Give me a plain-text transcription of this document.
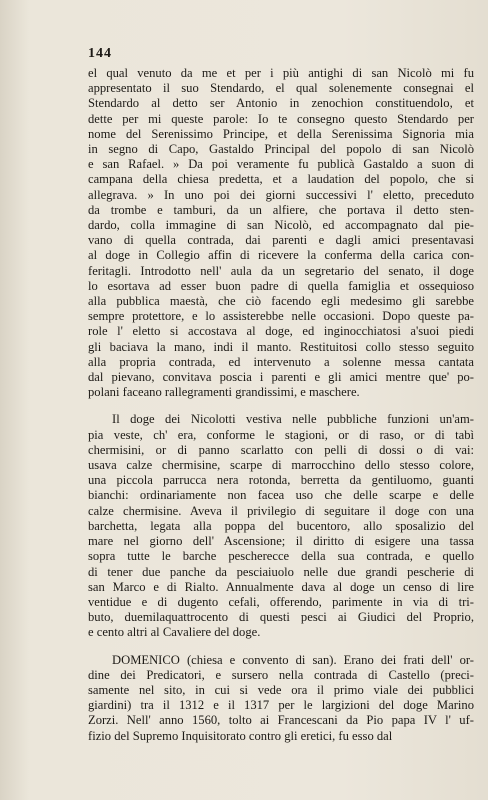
144

el qual venuto da me et per i più antighi di san Nicolò mi fu
appresentato il suo Stendardo, el qual solenemente consegnai el
Stendardo al detto ser Antonio in zenochion constituendolo, et
dette per mi queste parole: Io te consegno questo Stendardo per
nome del Serenissimo Principe, et della Serenissima Signoria mia
in segno di Capo, Gastaldo Principal del popolo di san Nicolò
e san Rafael. » Da poi veramente fu publicà Gastaldo a suon di
campana della chiesa predetta, et a laudation del popolo, che si
allegrava. » In uno poi dei giorni successivi l' eletto, preceduto
da trombe e tamburi, da un alfiere, che portava il detto sten-
dardo, colla immagine di san Nicolò, ed accompagnato dal pie-
vano di quella contrada, dai parenti e dagli amici presentavasi
al doge in Collegio affin di ricevere la conferma della carica con-
feritagli. Introdotto nell' aula da un segretario del senato, il doge
lo esortava ad esser buon padre di quella famiglia et ossequioso
alla pubblica maestà, che ciò facendo egli medesimo gli sarebbe
sempre protettore, e lo assisterebbe nelle occasioni. Dopo queste pa-
role l' eletto si accostava al doge, ed inginocchiatosi a'suoi piedi
gli baciava la mano, indi il manto. Restituitosi collo stesso seguito
alla propria contrada, ed intervenuto a solenne messa cantata
dal pievano, convitava poscia i parenti e gli amici mentre que' po-
polani faceano rallegramenti grandissimi, e maschere.

Il doge dei Nicolotti vestiva nelle pubbliche funzioni un'am-
pia veste, ch' era, conforme le stagioni, or di raso, or di tabì
chermisini, or di panno scarlatto con pelli di dossi o di vai:
usava calze chermisine, scarpe di marrocchino dello stesso colore,
una piccola parrucca nera rotonda, berretta da gentiluomo, guanti
bianchi: ordinariamente non facea uso che delle scarpe e delle
calze chermisine. Aveva il privilegio di seguitare il doge con una
barchetta, legata alla poppa del bucentoro, allo sposalizio del
mare nel giorno dell' Ascensione; il diritto di esigere una tassa
sopra tutte le barche pescherecce della sua contrada, e quello
di tener due panche da pesciaiuolo nelle due grandi pescherie di
san Marco e di Rialto. Annualmente dava al doge un censo di lire
ventidue e di dugento cefali, offerendo, parimente in via di tri-
buto, duemilaquattrocento di questi pesci ai Giudici del Proprio,
e cento altri al Cavaliere del doge.

DOMENICO (chiesa e convento di san). Erano dei frati dell' or-
dine dei Predicatori, e sursero nella contrada di Castello (preci-
samente nel sito, in cui si vede ora il primo viale dei pubblici
giardini) tra il 1312 e il 1317 per le largizioni del doge Marino
Zorzi. Nell' anno 1560, tolto ai Francescani da Pio papa IV l' uf-
fizio del Supremo Inquisitorato contro gli eretici, fu esso dal
